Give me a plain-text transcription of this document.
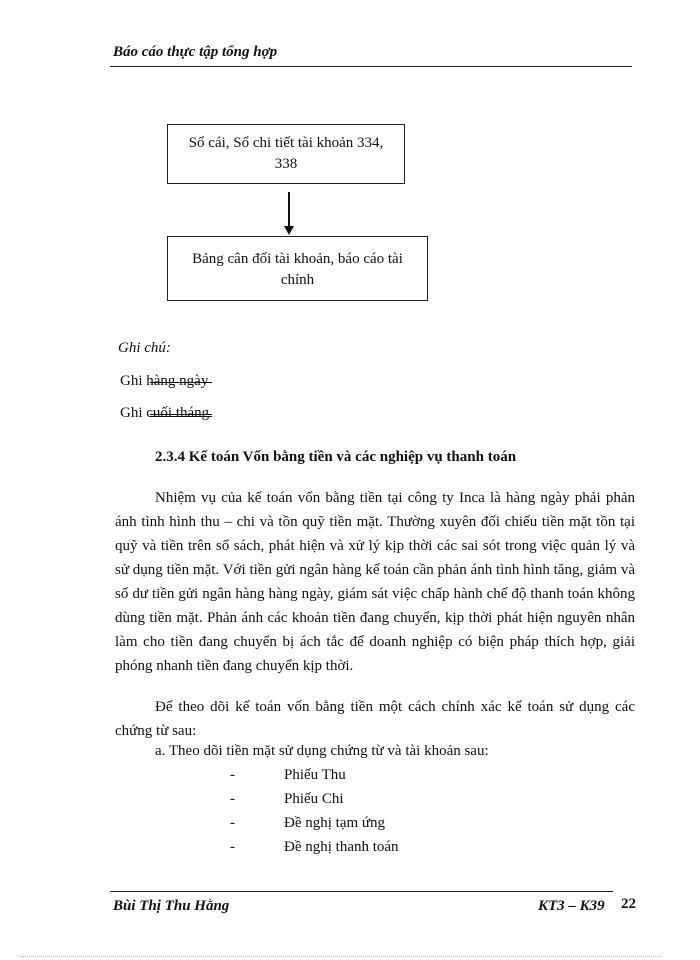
Báo cáo thực tập tổng hợp
Sổ cái, Sổ chi tiết tài khoản 334,
338
Bảng cân đối tài khoản, báo cáo tài
chính
Ghi chú:
Ghi hàng ngày
Ghi cuối tháng
2.3.4 Kế toán Vốn bằng tiền và các nghiệp vụ thanh toán
Nhiệm vụ của kế toán vốn bằng tiền tại công ty Inca là hàng ngày phải phản ánh tình hình thu – chi và tồn quỹ tiền mặt. Thường xuyên đối chiếu tiền mặt tồn tại quỹ và tiền trên sổ sách, phát hiện và xử lý kịp thời các sai sót trong việc quản lý và sử dụng tiền mặt. Với tiền gửi ngân hàng kế toán cần phản ánh tình hình tăng, giảm và số dư tiền gửi ngân hàng hàng ngày, giám sát việc chấp hành chế độ thanh toán không dùng tiền mặt. Phản ánh các khoản tiền đang chuyển, kịp thời phát hiện nguyên nhân làm cho tiền đang chuyển bị ách tắc để doanh nghiệp có biện pháp thích hợp, giải phóng nhanh tiền đang chuyển kịp thời.
Để theo dõi kế toán vốn bằng tiền một cách chính xác kế toán sử dụng các chứng từ sau:
a. Theo dõi tiền mặt sử dụng chứng từ và tài khoản sau:
-	Phiếu Thu
-	Phiếu Chi
-	Đề nghị tạm ứng
-	Đề nghị thanh toán
Bùi Thị Thu Hằng	KT3 – K39 22
